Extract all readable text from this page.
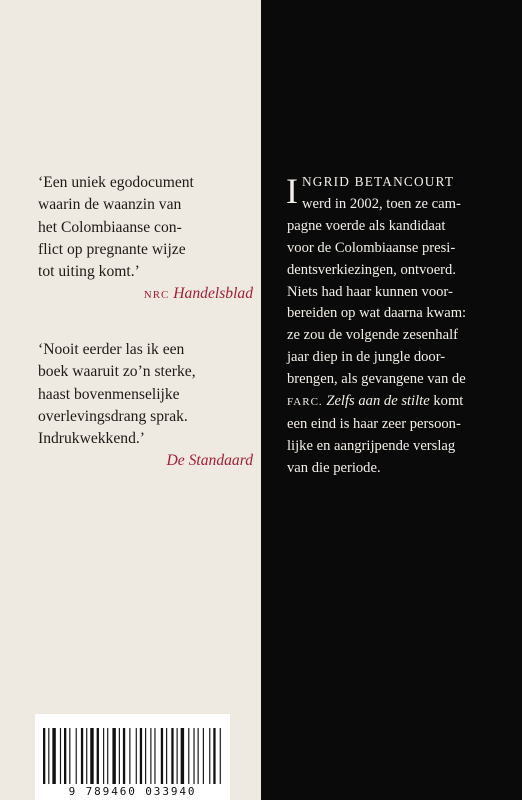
‘Een uniek egodocument
waarin de waanzin van
het Colombiaanse con-
flict op pregnante wijze
tot uiting komt.’
NRC Handelsblad
‘Nooit eerder las ik een
boek waaruit zo’n sterke,
haast bovenmenselijke
overlevingsdrang sprak.
Indrukwekkend.’
De Standaard
I NGRID BETANCOURT
werd in 2002, toen ze cam-
pagne voerde als kandidaat
voor de Colombiaanse presi-
dentsverkiezingen, ontvoerd.
Niets had haar kunnen voor-
bereiden op wat daarna kwam:
ze zou de volgende zesenhalf
jaar diep in de jungle door-
brengen, als gevangene van de
FARC. Zelfs aan de stilte komt
een eind is haar zeer persoon-
lijke en aangrijpende verslag
van die periode.
9 789460 033940
